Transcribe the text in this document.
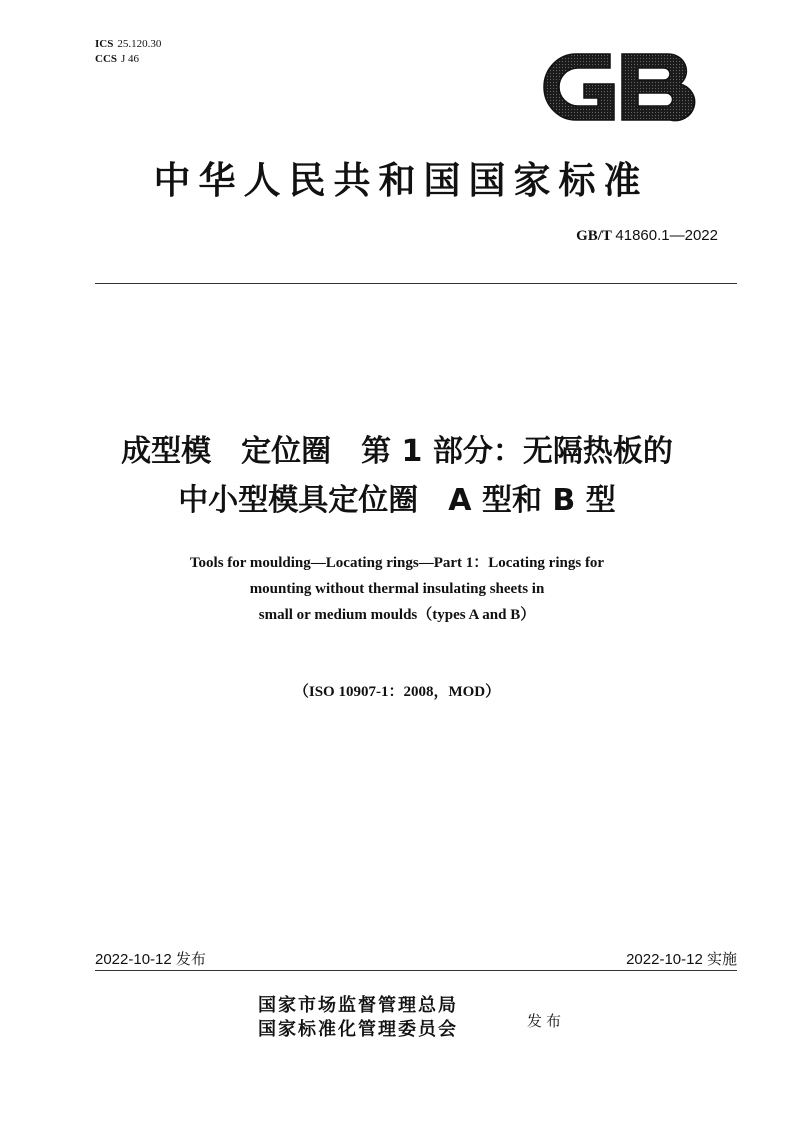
ICS 25.120.30
CCS J 46
中华人民共和国国家标准
GB/T 41860.1—2022
成型模　定位圈　第 1 部分：无隔热板的
中小型模具定位圈　A 型和 B 型
Tools for moulding—Locating rings—Part 1：Locating rings for
mounting without thermal insulating sheets in
small or medium moulds（types A and B）
（ISO 10907-1：2008，MOD）
2022-10-12 发布	2022-10-12 实施
国家市场监督管理总局
国家标准化管理委员会	发布
